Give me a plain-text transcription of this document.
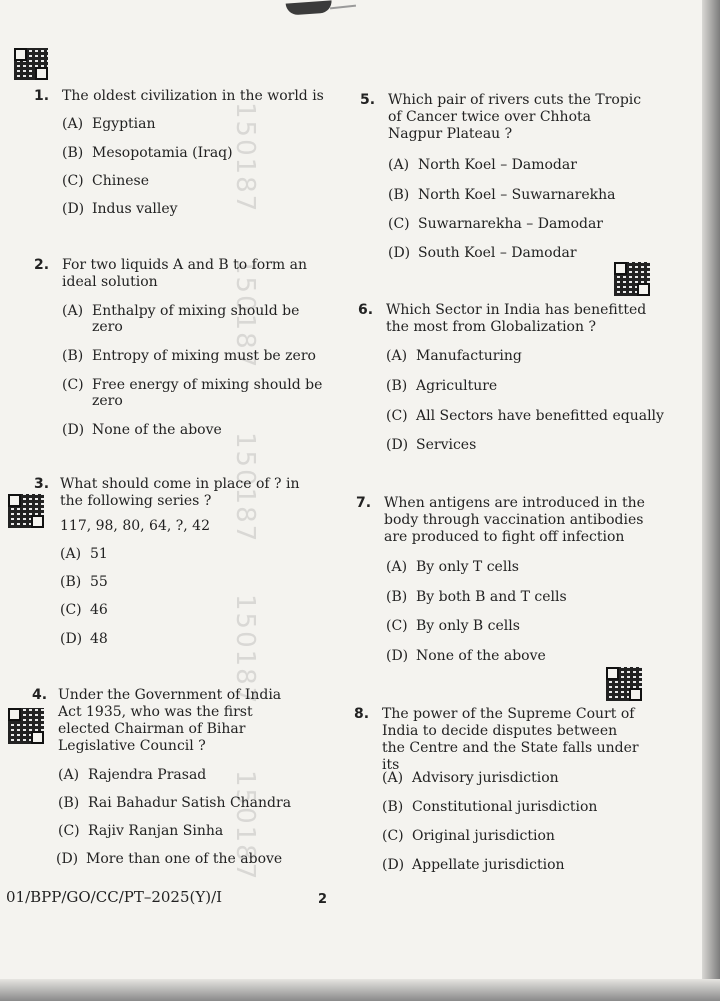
150187
150187
150187
150187
150187
1. The oldest civilization in the world is
(A) Egyptian
(B) Mesopotamia (Iraq)
(C) Chinese
(D) Indus valley
2. For two liquids A and B to form an ideal solution
(A) Enthalpy of mixing should be zero
(B) Entropy of mixing must be zero
(C) Free energy of mixing should be zero
(D) None of the above
3. What should come in place of ? in the following series ?
117, 98, 80, 64, ?, 42
(A) 51
(B) 55
(C) 46
(D) 48
4. Under the Government of India Act 1935, who was the first elected Chairman of Bihar Legislative Council ?
(A) Rajendra Prasad
(B) Rai Bahadur Satish Chandra
(C) Rajiv Ranjan Sinha
(D) More than one of the above
5. Which pair of rivers cuts the Tropic of Cancer twice over Chhota Nagpur Plateau ?
(A) North Koel – Damodar
(B) North Koel – Suwarnarekha
(C) Suwarnarekha – Damodar
(D) South Koel – Damodar
6. Which Sector in India has benefitted the most from Globalization ?
(A) Manufacturing
(B) Agriculture
(C) All Sectors have benefitted equally
(D) Services
7. When antigens are introduced in the body through vaccination antibodies are produced to fight off infection
(A) By only T cells
(B) By both B and T cells
(C) By only B cells
(D) None of the above
8. The power of the Supreme Court of India to decide disputes between the Centre and the State falls under its
(A) Advisory jurisdiction
(B) Constitutional jurisdiction
(C) Original jurisdiction
(D) Appellate jurisdiction
01/BPP/GO/CC/PT–2025(Y)/I	2
